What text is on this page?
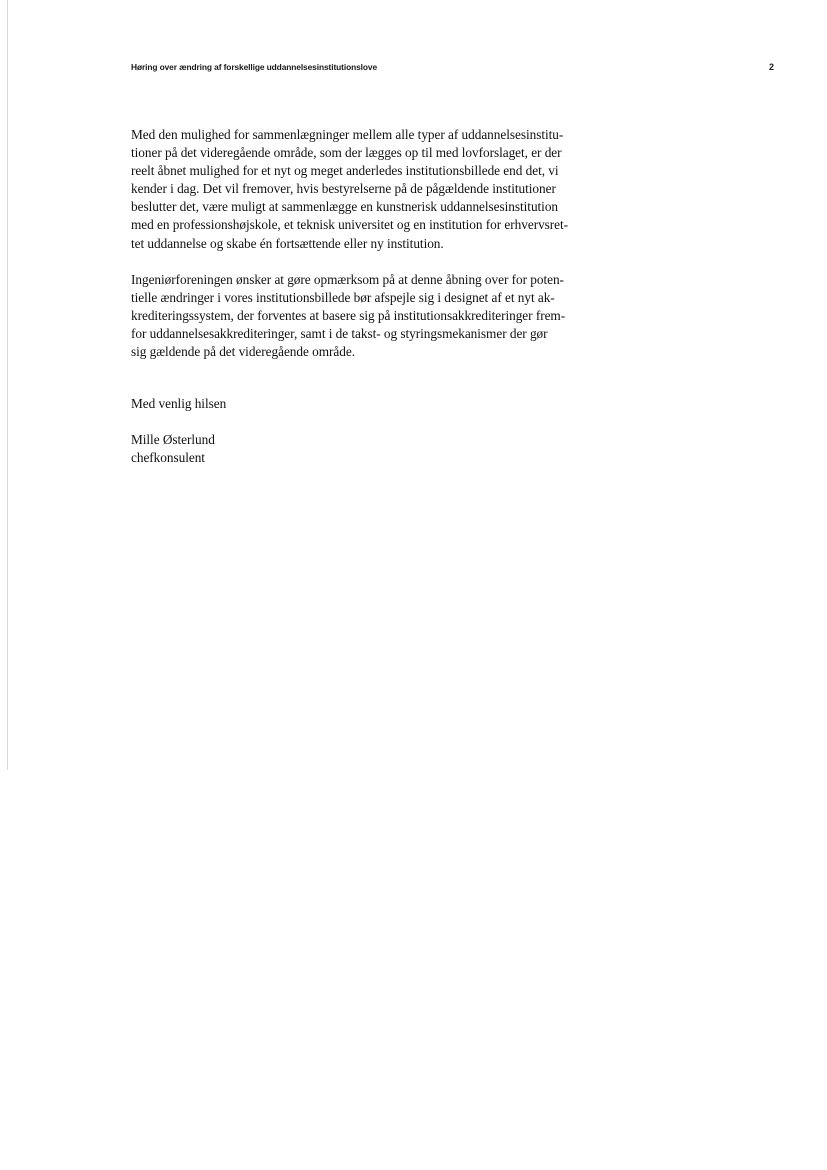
Høring over ændring af forskellige uddannelsesinstitutionslove	2
Med den mulighed for sammenlægninger mellem alle typer af uddannelsesinstitu-
tioner på det videregående område, som der lægges op til med lovforslaget, er der
reelt åbnet mulighed for et nyt og meget anderledes institutionsbillede end det, vi
kender i dag. Det vil fremover, hvis bestyrelserne på de pågældende institutioner
beslutter det, være muligt at sammenlægge en kunstnerisk uddannelsesinstitution
med en professionshøjskole, et teknisk universitet og en institution for erhvervsret-
tet uddannelse og skabe én fortsættende eller ny institution.
Ingeniørforeningen ønsker at gøre opmærksom på at denne åbning over for poten-
tielle ændringer i vores institutionsbillede bør afspejle sig i designet af et nyt ak-
krediteringssystem, der forventes at basere sig på institutionsakkrediteringer frem-
for uddannelsesakkrediteringer, samt i de takst- og styringsmekanismer der gør
sig gældende på det videregående område.
Med venlig hilsen
Mille Østerlund
chefkonsulent
